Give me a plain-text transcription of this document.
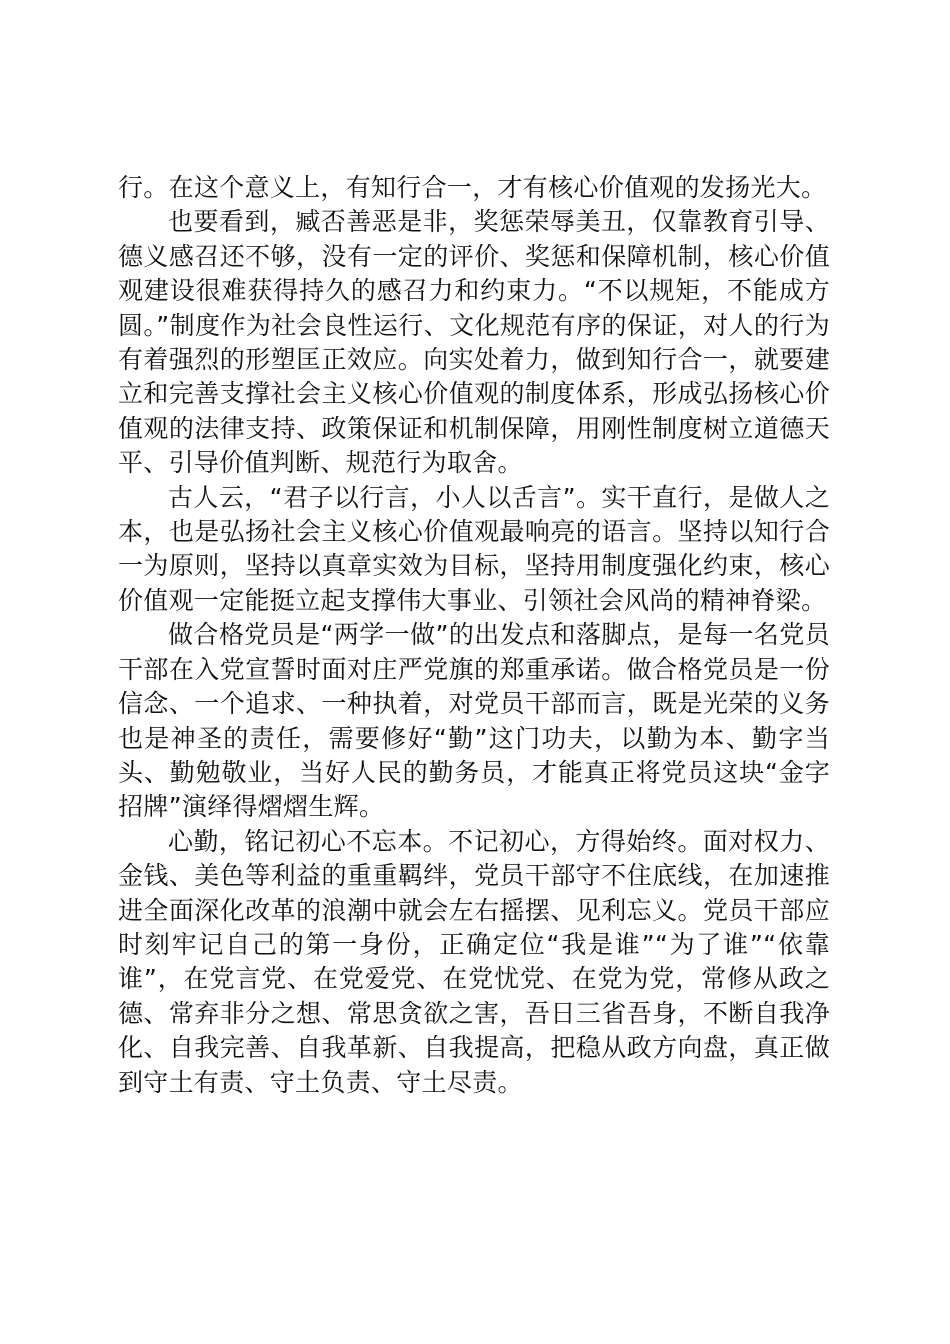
行。在这个意义上，有知行合一，才有核心价值观的发扬光大。

也要看到，臧否善恶是非，奖惩荣辱美丑，仅靠教育引导、德义感召还不够，没有一定的评价、奖惩和保障机制，核心价值观建设很难获得持久的感召力和约束力。“不以规矩，不能成方圆。”制度作为社会良性运行、文化规范有序的保证，对人的行为有着强烈的形塑匡正效应。向实处着力，做到知行合一，就要建立和完善支撑社会主义核心价值观的制度体系，形成弘扬核心价值观的法律支持、政策保证和机制保障，用刚性制度树立道德天平、引导价值判断、规范行为取舍。

古人云，“君子以行言，小人以舌言”。实干直行，是做人之本，也是弘扬社会主义核心价值观最响亮的语言。坚持以知行合一为原则，坚持以真章实效为目标，坚持用制度强化约束，核心价值观一定能挺立起支撑伟大事业、引领社会风尚的精神脊梁。

做合格党员是“两学一做”的出发点和落脚点，是每一名党员干部在入党宣誓时面对庄严党旗的郑重承诺。做合格党员是一份信念、一个追求、一种执着，对党员干部而言，既是光荣的义务也是神圣的责任，需要修好“勤”这门功夫，以勤为本、勤字当头、勤勉敬业，当好人民的勤务员，才能真正将党员这块“金字招牌”演绎得熠熠生辉。

心勤，铭记初心不忘本。不记初心，方得始终。面对权力、金钱、美色等利益的重重羁绊，党员干部守不住底线，在加速推进全面深化改革的浪潮中就会左右摇摆、见利忘义。党员干部应时刻牢记自己的第一身份，正确定位“我是谁”“为了谁”“依靠谁”，在党言党、在党爱党、在党忧党、在党为党，常修从政之德、常弃非分之想、常思贪欲之害，吾日三省吾身，不断自我净化、自我完善、自我革新、自我提高，把稳从政方向盘，真正做到守土有责、守土负责、守土尽责。
